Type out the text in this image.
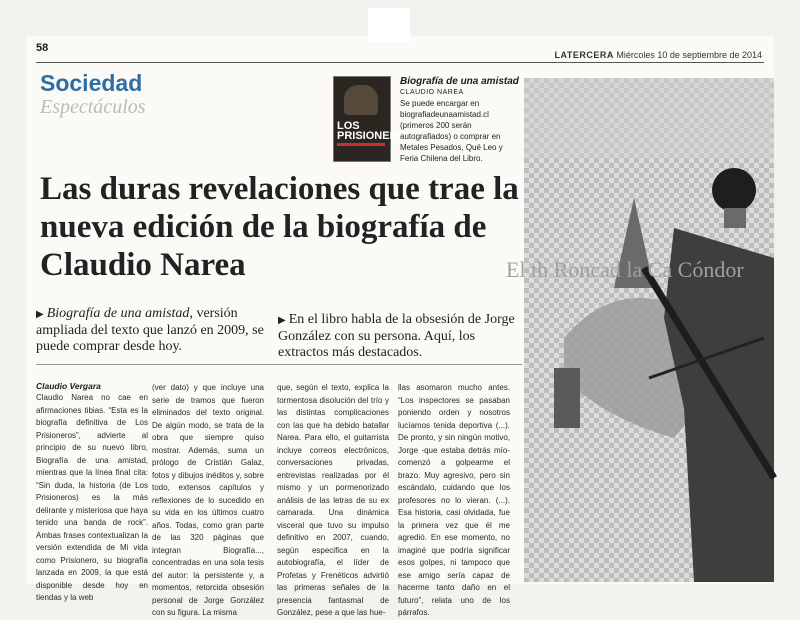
58
LATERCERA Miércoles 10 de septiembre de 2014
Sociedad
Espectáculos
LOS PRISIONEROS
Biografía de una amistad
CLAUDIO NAREA
Se puede encargar en biografiadeunaamistad.cl (primeros 200 serán autografiados) o comprar en Metales Pesados, Qué Leo y Feria Chilena del Libro.
Las duras revelaciones que trae la nueva edición de la biografía de Claudio Narea
▶ Biografía de una amistad, versión ampliada del texto que lanzó en 2009, se puede comprar desde hoy.
▶ En el libro habla de la obsesión de Jorge González con su persona. Aquí, los extractos más destacados.
Claudio Vergara
Claudio Narea no cae en afirmaciones tibias. “Esta es la biografía definitiva de Los Prisioneros”, advierte al principio de su nuevo libro, Biografía de una amistad, mientras que la línea final cita: “Sin duda, la historia (de Los Prisioneros) es la más delirante y misteriosa que haya tenido una banda de rock”. Ambas frases contextualizan la versión extendida de Mi vida como Prisionero, su biografía lanzada en 2009, la que está disponible desde hoy en tiendas y la web
(ver dato) y que incluye una serie de tramos que fueron eliminados del texto original. De algún modo, se trata de la obra que siempre quiso mostrar. Además, suma un prólogo de Cristián Galaz, fotos y dibujos inéditos y, sobre todo, extensos capítulos y reflexiones de lo sucedido en su vida en los últimos cuatro años. Todas, como gran parte de las 320 páginas que integran Biografía..., concentradas en una sola tesis del autor: la persistente y, a momentos, retorcida obsesión personal de Jorge González con su figura. La misma
que, según el texto, explica la tormentosa disolución del trío y las distintas complicaciones con las que ha debido batallar Narea. Para ello, el guitarrista incluye correos electrónicos, conversaciones privadas, entrevistas realizadas por él mismo y un pormenorizado análisis de las letras de su ex camarada. Una dinámica visceral que tuvo su impulso definitivo en 2007, cuando, según especifica en la autobiografía, el líder de Profetas y Frenéticos advirtió las primeras señales de la presencia fantasmal de González, pese a que las hue-
llas asomaron mucho antes. “Los inspectores se pasaban poniendo orden y nosotros lucíamos tenida deportiva (...). De pronto, y sin ningún motivo, Jorge -que estaba detrás mío- comenzó a golpearme el brazo. Muy agresivo, pero sin escándalo, cuidando que los profesores no lo vieran. (...). Esa historia, casi olvidada, fue la primera vez que él me agredió. En ese momento, no imaginé que podría significar esos golpes, ni tampoco que ese amigo sería capaz de hacerme tanto daño en el futuro”, relata uno de los párrafos.
El th Roncad la Ca Cóndor
